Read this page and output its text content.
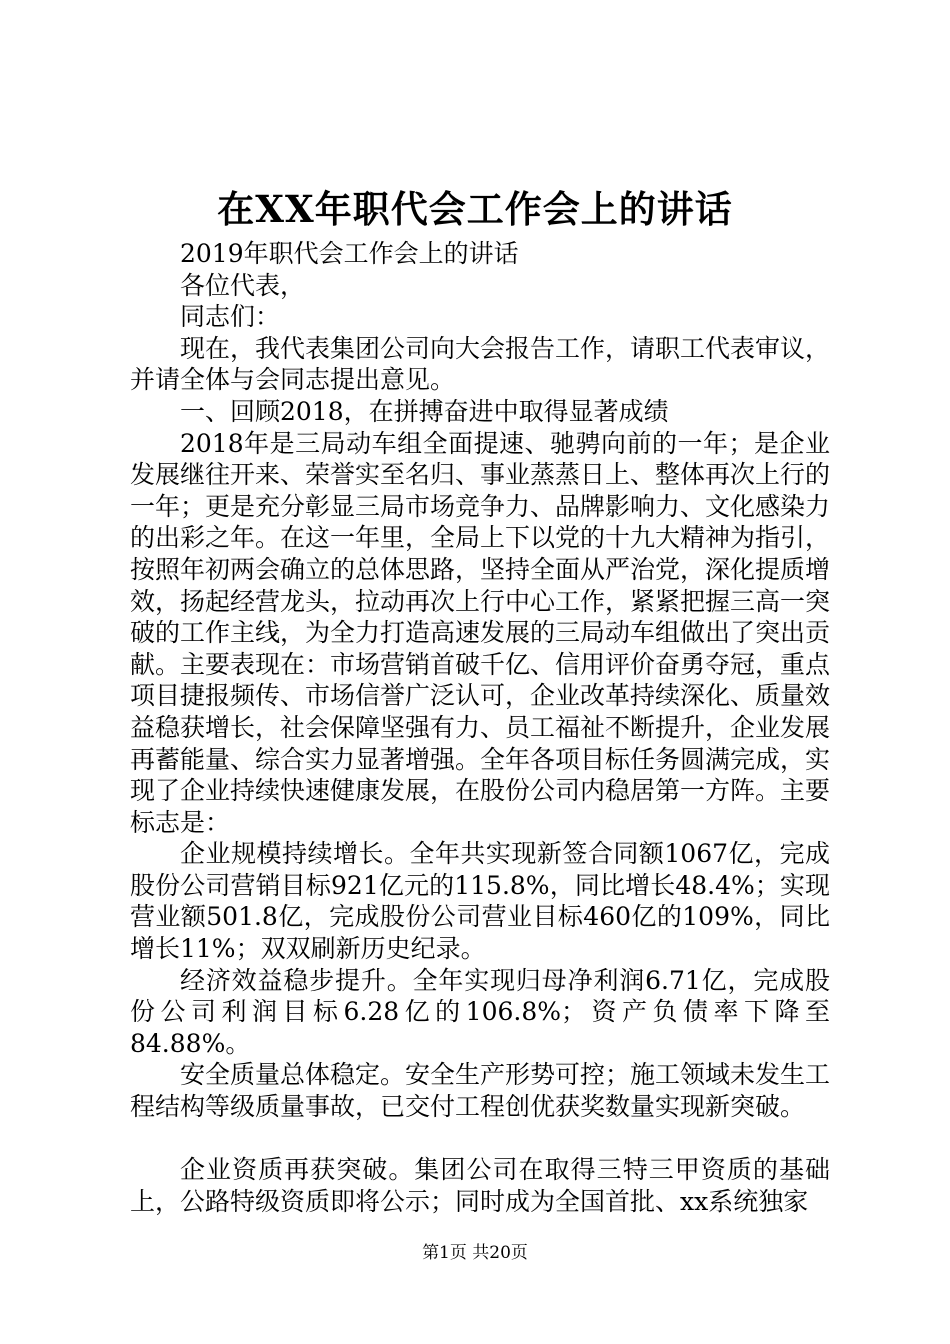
在XX年职代会工作会上的讲话

2019年职代会工作会上的讲话

各位代表，

同志们：

现在，我代表集团公司向大会报告工作，请职工代表审议，并请全体与会同志提出意见。

一、回顾2018，在拼搏奋进中取得显著成绩

2018年是三局动车组全面提速、驰骋向前的一年；是企业发展继往开来、荣誉实至名归、事业蒸蒸日上、整体再次上行的一年；更是充分彰显三局市场竞争力、品牌影响力、文化感染力的出彩之年。在这一年里，全局上下以党的十九大精神为指引，按照年初两会确立的总体思路，坚持全面从严治党，深化提质增效，扬起经营龙头，拉动再次上行中心工作，紧紧把握三高一突破的工作主线，为全力打造高速发展的三局动车组做出了突出贡献。主要表现在：市场营销首破千亿、信用评价奋勇夺冠，重点项目捷报频传、市场信誉广泛认可，企业改革持续深化、质量效益稳获增长，社会保障坚强有力、员工福祉不断提升，企业发展再蓄能量、综合实力显著增强。全年各项目标任务圆满完成，实现了企业持续快速健康发展，在股份公司内稳居第一方阵。主要标志是：

企业规模持续增长。全年共实现新签合同额1067亿，完成股份公司营销目标921亿元的115.8%，同比增长48.4%；实现营业额501.8亿，完成股份公司营业目标460亿的109%，同比增长11%；双双刷新历史纪录。

经济效益稳步提升。全年实现归母净利润6.71亿，完成股份公司利润目标6.28亿的106.8%；资产负债率下降至84.88%。

安全质量总体稳定。安全生产形势可控；施工领域未发生工程结构等级质量事故，已交付工程创优获奖数量实现新突破。

企业资质再获突破。集团公司在取得三特三甲资质的基础上，公路特级资质即将公示；同时成为全国首批、xx系统独家

第1页 共20页
